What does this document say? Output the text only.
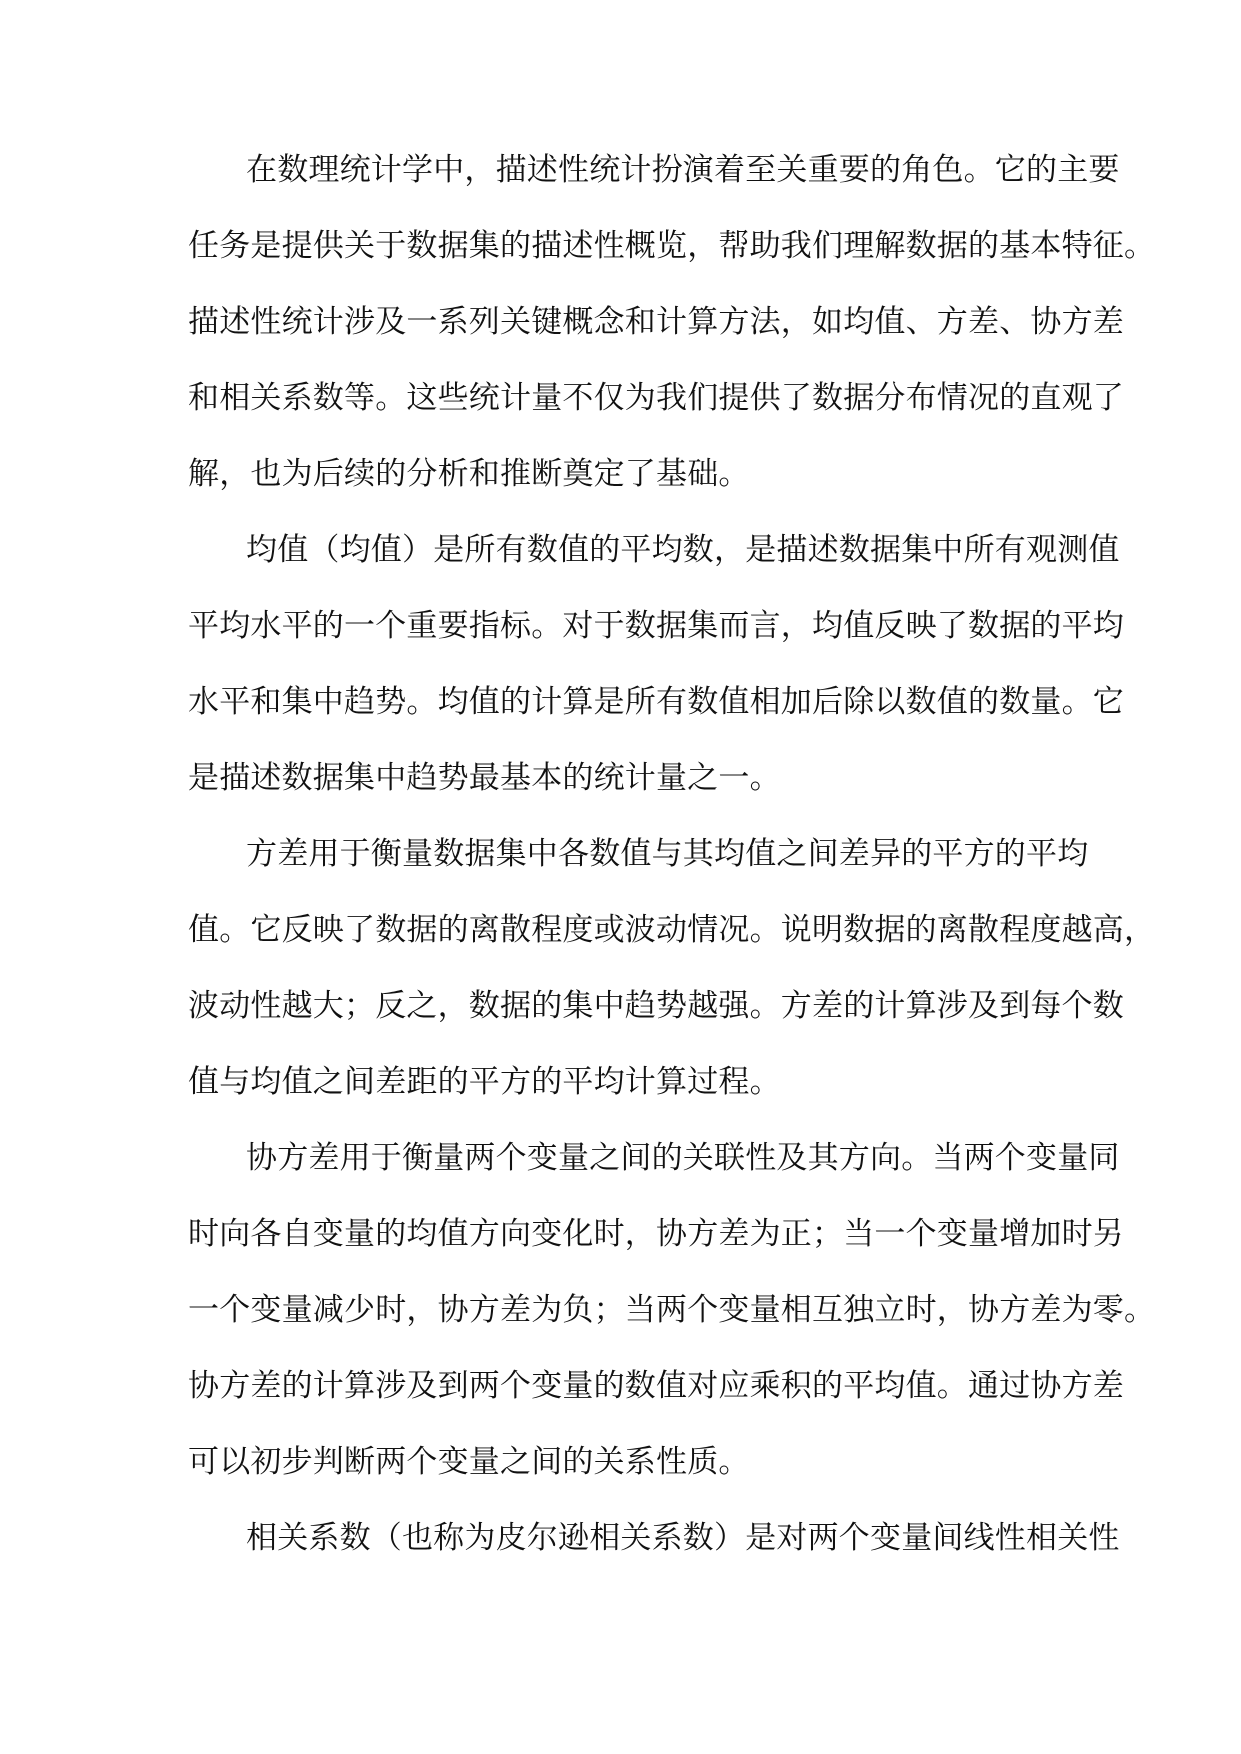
在数理统计学中，描述性统计扮演着至关重要的角色。它的主要
任务是提供关于数据集的描述性概览，帮助我们理解数据的基本特征。
描述性统计涉及一系列关键概念和计算方法，如均值、方差、协方差
和相关系数等。这些统计量不仅为我们提供了数据分布情况的直观了
解，也为后续的分析和推断奠定了基础。
均值（均值）是所有数值的平均数，是描述数据集中所有观测值
平均水平的一个重要指标。对于数据集而言，均值反映了数据的平均
水平和集中趋势。均值的计算是所有数值相加后除以数值的数量。它
是描述数据集中趋势最基本的统计量之一。
方差用于衡量数据集中各数值与其均值之间差异的平方的平均
值。它反映了数据的离散程度或波动情况。说明数据的离散程度越高，
波动性越大；反之，数据的集中趋势越强。方差的计算涉及到每个数
值与均值之间差距的平方的平均计算过程。
协方差用于衡量两个变量之间的关联性及其方向。当两个变量同
时向各自变量的均值方向变化时，协方差为正；当一个变量增加时另
一个变量减少时，协方差为负；当两个变量相互独立时，协方差为零。
协方差的计算涉及到两个变量的数值对应乘积的平均值。通过协方差
可以初步判断两个变量之间的关系性质。
相关系数（也称为皮尔逊相关系数）是对两个变量间线性相关性
